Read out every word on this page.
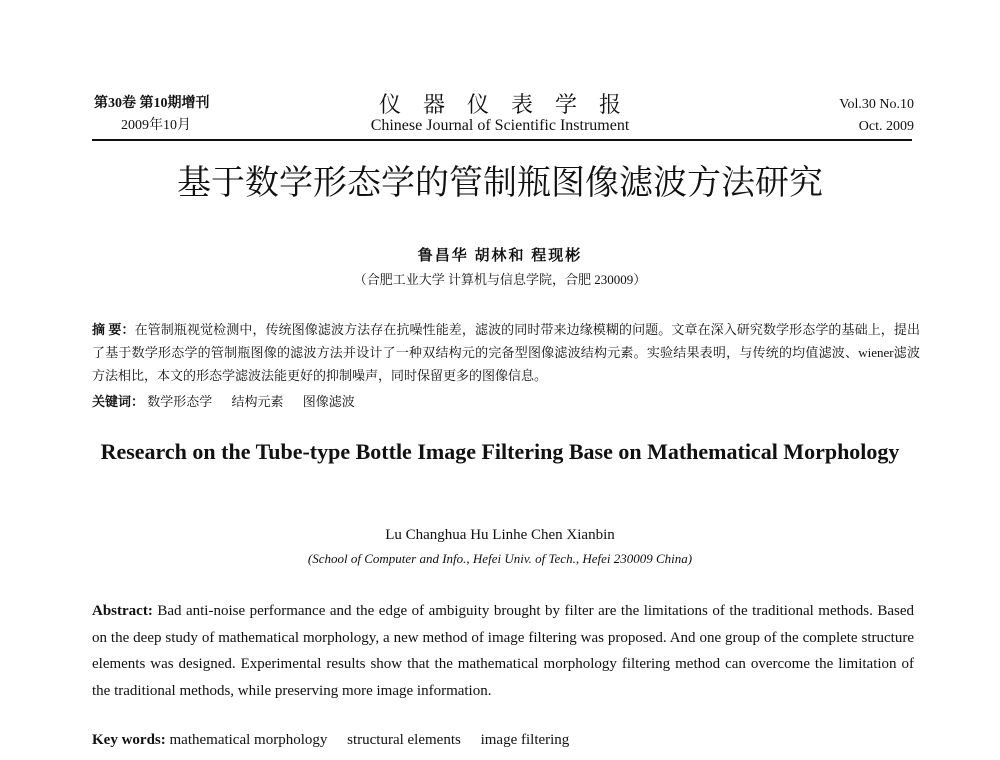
第30卷 第10期增刊
2009年10月
仪器仪表学报
Chinese Journal of Scientific Instrument
Vol.30 No.10
Oct. 2009
基于数学形态学的管制瓶图像滤波方法研究
鲁昌华 胡林和 程现彬
（合肥工业大学 计算机与信息学院，合肥 230009）
摘 要：在管制瓶视觉检测中，传统图像滤波方法存在抗噪性能差，滤波的同时带来边缘模糊的问题。文章在深入研究数学形态学的基础上，提出了基于数学形态学的管制瓶图像的滤波方法并设计了一种双结构元的完备型图像滤波结构元素。实验结果表明，与传统的均值滤波、wiener滤波方法相比，本文的形态学滤波法能更好的抑制噪声，同时保留更多的图像信息。
关键词： 数学形态学 结构元素 图像滤波
Research on the Tube-type Bottle Image Filtering Base on Mathematical Morphology
Lu Changhua Hu Linhe Chen Xianbin
(School of Computer and Info., Hefei Univ. of Tech., Hefei 230009 China)
Abstract: Bad anti-noise performance and the edge of ambiguity brought by filter are the limitations of the traditional methods. Based on the deep study of mathematical morphology, a new method of image filtering was proposed. And one group of the complete structure elements was designed. Experimental results show that the mathematical morphology filtering method can overcome the limitation of the traditional methods, while preserving more image information.
Key words: mathematical morphology structural elements image filtering
